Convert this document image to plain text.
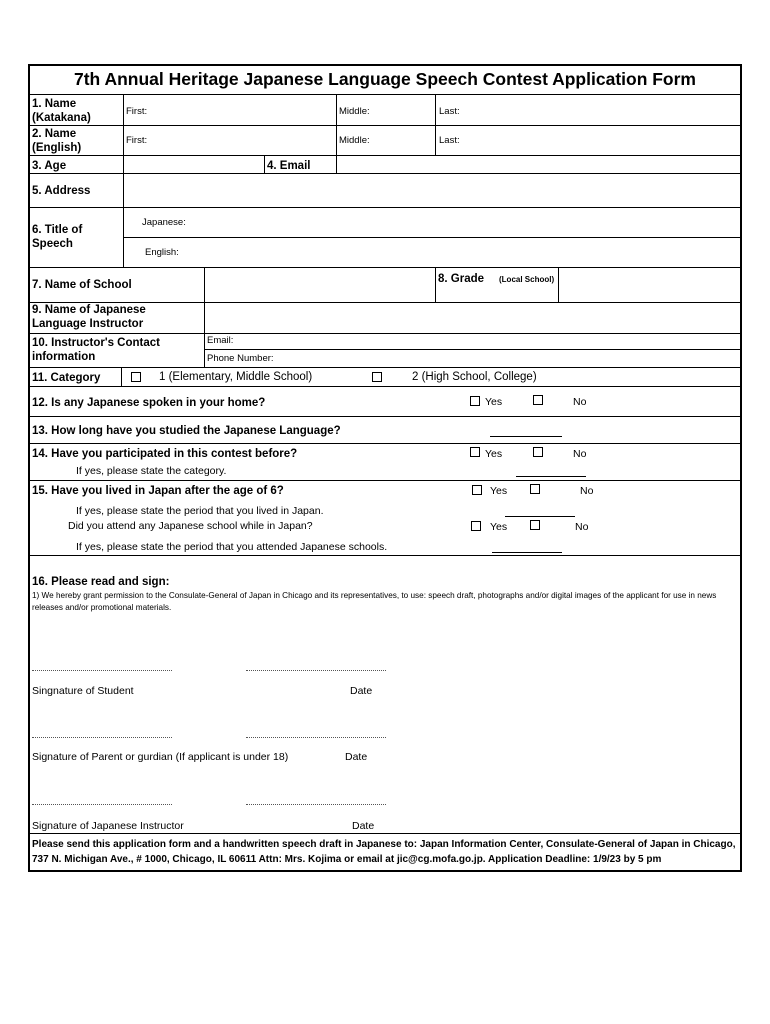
7th Annual Heritage Japanese Language Speech Contest Application Form
1. Name
(Katakana)
First:	Middle:	Last:
2. Name
(English)
First:	Middle:	Last:
3. Age	4. Email
5. Address
6. Title of
Speech
Japanese:
English:
7. Name of School	8. Grade (Local School)
9. Name of Japanese
Language Instructor
10. Instructor's Contact
information
Email:
Phone Number:
11. Category	1 (Elementary, Middle School)	2 (High School, College)
12. Is any Japanese spoken in your home?	Yes	No
13. How long have you studied the Japanese Language?
14. Have you participated in this contest before?	Yes	No
If yes, please state the category.
15. Have you lived in Japan after the age of 6?	Yes	No
If yes, please state the period that you lived in Japan.
Did you attend any Japanese school while in Japan?	Yes	No
If yes, please state the period that you attended Japanese schools.
16. Please read and sign:
1) We hereby grant permission to the Consulate-General of Japan in Chicago and its representatives, to use: speech draft, photographs and/or digital images of the applicant for use in news releases and/or promotional materials.
Singnature of Student	Date
Signature of Parent or gurdian (If applicant is under 18)	Date
Signature of Japanese Instructor	Date
Please send this application form and a handwritten speech draft in Japanese to: Japan Information Center, Consulate-General of Japan in Chicago, 737 N. Michigan Ave., # 1000, Chicago, IL 60611 Attn: Mrs. Kojima or email at jic@cg.mofa.go.jp. Application Deadline: 1/9/23 by 5 pm
